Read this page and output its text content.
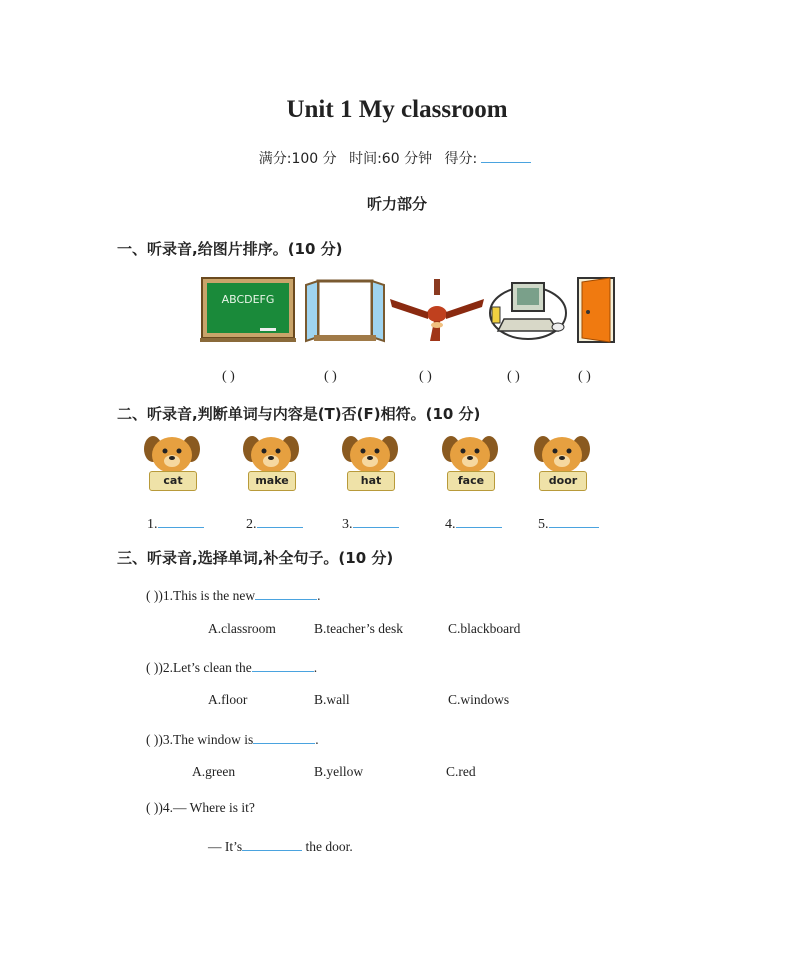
Unit 1 My classroom
满分:100 分 时间:60 分钟 得分:
听力部分
一、听录音,给图片排序。(10 分)
ABCDEFG
( )	( )	( )	( )	( )
二、听录音,判断单词与内容是(T)否(F)相符。(10 分)
cat	make	hat	face	door
1.	2.	3.	4.	5.
三、听录音,选择单词,补全句子。(10 分)
( ))1.This is the new	.
A.classroom	B.teacher’s desk	C.blackboard
( ))2.Let’s clean the	.
A.floor	B.wall	C.windows
( ))3.The window is	.
A.green	B.yellow	C.red
( ))4.— Where is it?
— It’s	the door.
